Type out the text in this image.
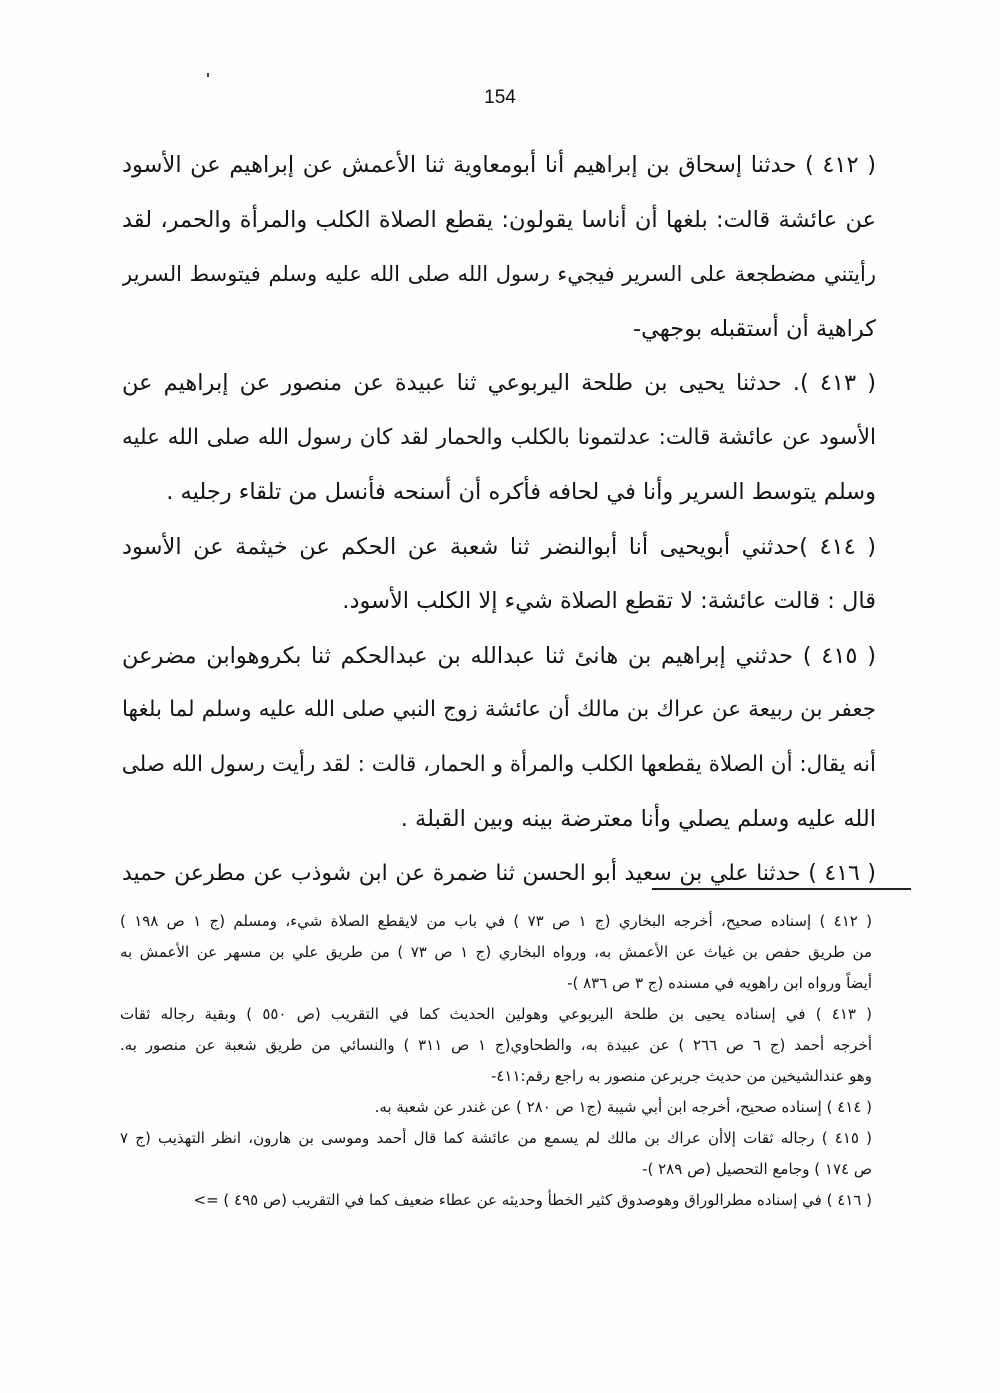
154
( ٤١٢ ) حدثنا إسحاق بن إبراهيم أنا أبومعاوية ثنا الأعمش عن إبراهيم عن الأسود
عن عائشة قالت: بلغها أن أناسا يقولون: يقطع الصلاة الكلب والمرأة والحمر، لقد
رأيتني مضطجعة على السرير فيجيء رسول الله صلى الله عليه وسلم فيتوسط السرير
كراهية أن أستقبله بوجهي-
( ٤١٣ ). حدثنا يحيى بن طلحة اليربوعي ثنا عبيدة عن منصور عن إبراهيم عن
الأسود عن عائشة قالت: عدلتمونا بالكلب والحمار لقد كان رسول الله صلى الله عليه
وسلم يتوسط السرير وأنا في لحافه فأكره أن أسنحه فأنسل من تلقاء رجليه .
( ٤١٤ )حدثني أبويحيى أنا أبوالنضر ثنا شعبة عن الحكم عن خيثمة عن الأسود
قال : قالت عائشة: لا تقطع الصلاة شيء إلا الكلب الأسود.
( ٤١٥ ) حدثني إبراهيم بن هانئ ثنا عبدالله بن عبدالحكم ثنا بكروهوابن مضرعن
جعفر بن ربيعة عن عراك بن مالك أن عائشة زوج النبي صلى الله عليه وسلم لما بلغها
أنه يقال: أن الصلاة يقطعها الكلب والمرأة و الحمار، قالت : لقد رأيت رسول الله صلى
الله عليه وسلم يصلي وأنا معترضة بينه وبين القبلة .
( ٤١٦ ) حدثنا علي بن سعيد أبو الحسن ثنا ضمرة عن ابن شوذب عن مطرعن حميد
( ٤١٢ ) إسناده صحيح، أخرجه البخاري (ج ١ ص ٧٣ ) في باب من لايقطع الصلاة شيء، ومسلم (ج ١ ص ١٩٨ )
من طريق حفص بن غياث عن الأعمش به، ورواه البخاري (ج ١ ص ٧٣ ) من طريق علي بن مسهر عن الأعمش به
أيضاً ورواه ابن راهويه في مسنده (ج ٣ ص ٨٣٦ )-
( ٤١٣ ) في إسناده يحيى بن طلحة اليربوعي وهولين الحديث كما في التقريب (ص ٥٥٠ ) وبقية رجاله ثقات
أخرجه أحمد (ج ٦ ص ٢٦٦ ) عن عبيدة به، والطحاوي(ج ١ ص ٣١١ ) والنسائي من طريق شعبة عن منصور به.
وهو عندالشيخين من حديث جريرعن منصور به راجع رقم:٤١١-
( ٤١٤ ) إسناده صحيح، أخرجه ابن أبي شيبة (ج١ ص ٢٨٠ ) عن غندر عن شعبة به.
( ٤١٥ ) رجاله ثقات إلاأن عراك بن مالك لم يسمع من عائشة كما قال أحمد وموسى بن هارون، انظر التهذيب (ج ٧
ص ١٧٤ ) وجامع التحصيل (ص ٢٨٩ )-
( ٤١٦ ) في إسناده مطرالوراق وهوصدوق كثير الخطأ وحديثه عن عطاء ضعيف كما في التقريب (ص ٤٩٥ ) =>
